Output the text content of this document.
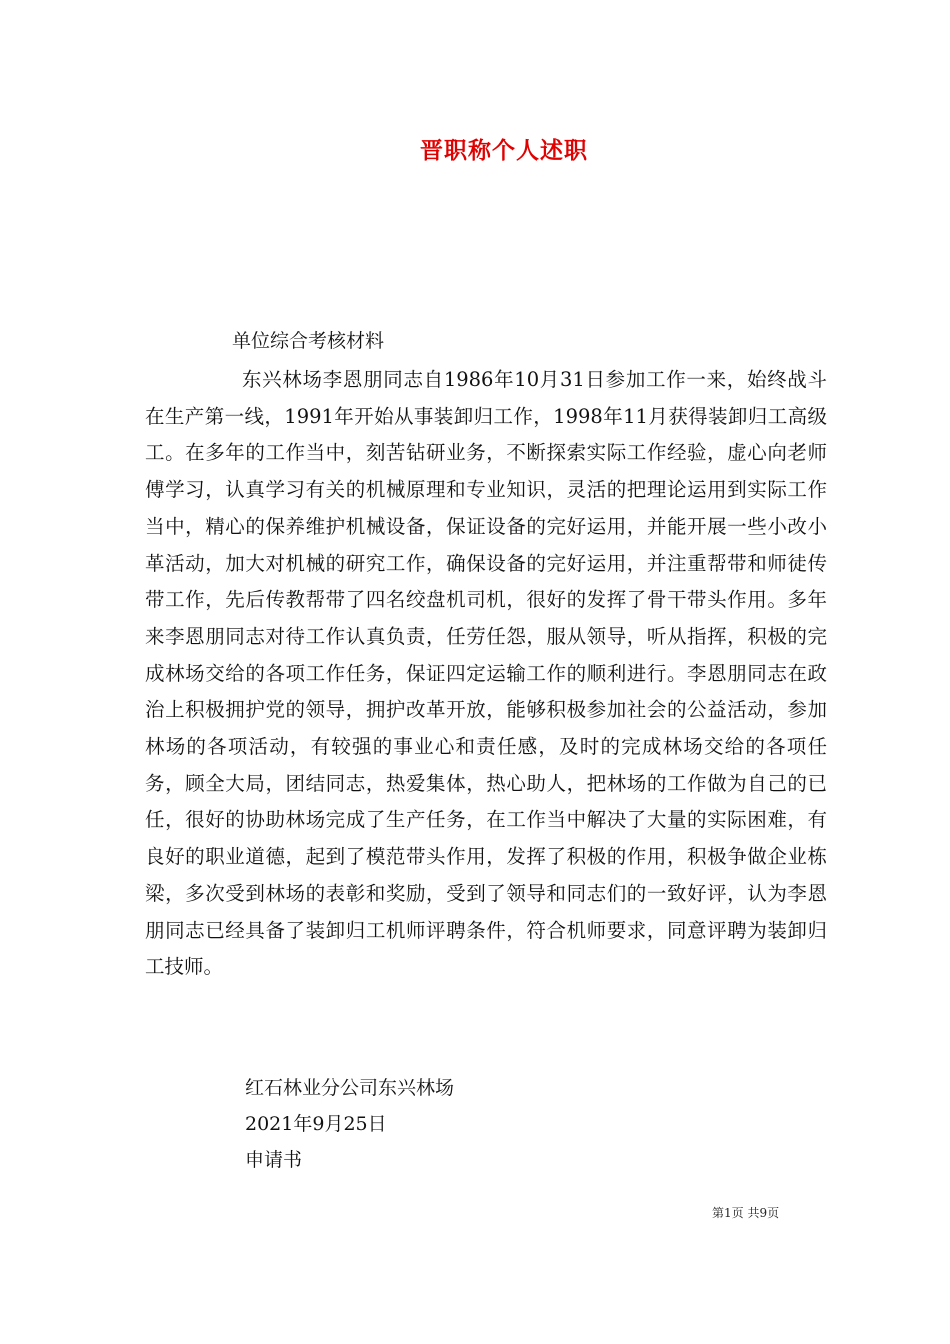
晋职称个人述职
单位综合考核材料

东兴林场李恩朋同志自1986年10月31日参加工作一来，始终战斗在生产第一线，1991年开始从事装卸归工作，1998年11月获得装卸归工高级工。在多年的工作当中，刻苦钻研业务，不断探索实际工作经验，虚心向老师傅学习，认真学习有关的机械原理和专业知识，灵活的把理论运用到实际工作当中，精心的保养维护机械设备，保证设备的完好运用，并能开展一些小改小革活动，加大对机械的研究工作，确保设备的完好运用，并注重帮带和师徒传带工作，先后传教帮带了四名绞盘机司机，很好的发挥了骨干带头作用。多年来李恩朋同志对待工作认真负责，任劳任怨，服从领导，听从指挥，积极的完成林场交给的各项工作任务，保证四定运输工作的顺利进行。李恩朋同志在政治上积极拥护党的领导，拥护改革开放，能够积极参加社会的公益活动，参加林场的各项活动，有较强的事业心和责任感，及时的完成林场交给的各项任务，顾全大局，团结同志，热爱集体，热心助人，把林场的工作做为自己的已任，很好的协助林场完成了生产任务，在工作当中解决了大量的实际困难，有良好的职业道德，起到了模范带头作用，发挥了积极的作用，积极争做企业栋梁，多次受到林场的表彰和奖励，受到了领导和同志们的一致好评，认为李恩朋同志已经具备了装卸归工机师评聘条件，符合机师要求，同意评聘为装卸归工技师。

红石林业分公司东兴林场
2021年9月25日
申请书
第1页 共9页
